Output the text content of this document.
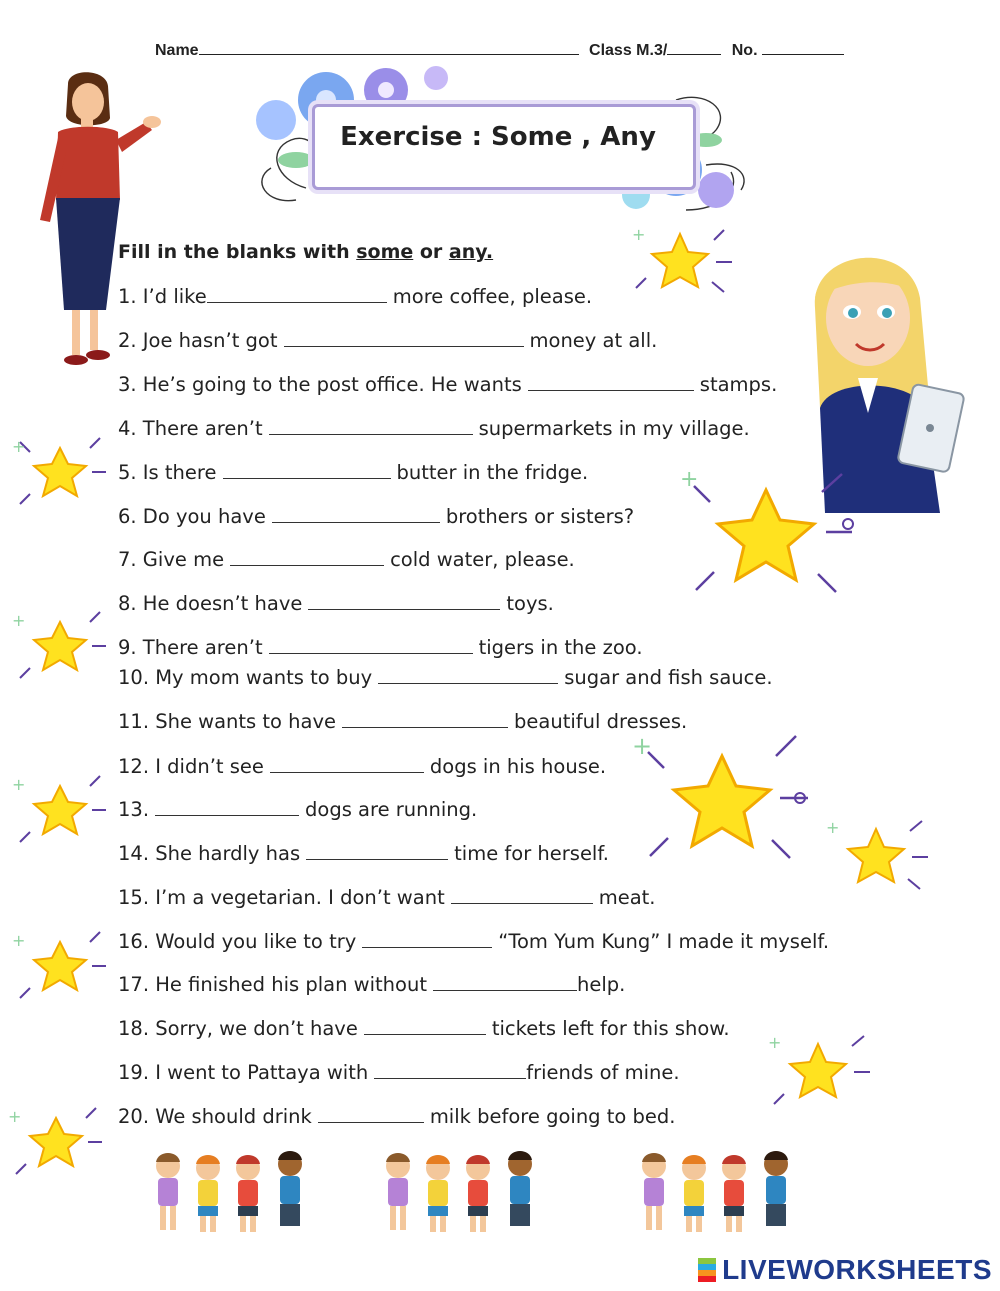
Name	Class M.3/	No.
Exercise : Some , Any
Fill in the blanks with some or any.
1. I’d like	more coffee, please.
2. Joe hasn’t got	money at all.
3. He’s going to the post office. He wants	stamps.
4. There aren’t	supermarkets in my village.
5. Is there	butter in the fridge.
6. Do you have	brothers or sisters?
7. Give me	cold water, please.
8. He doesn’t have	toys.
9. There aren’t	tigers in the zoo.
10. My mom wants to buy	sugar and fish sauce.
11. She wants to have	beautiful dresses.
12. I didn’t see	dogs in his house.
13.	dogs are running.
14. She hardly has	time for herself.
15. I’m a vegetarian. I don’t want	meat.
16. Would you like to try	“Tom Yum Kung” I made it myself.
17. He finished his plan without	help.
18. Sorry, we don’t have	tickets left for this show.
19. I went to Pattaya with	friends of mine.
20. We should drink	milk before going to bed.
+
+
+
+
+
+
+
+
+
+
LIVEWORKSHEETS
